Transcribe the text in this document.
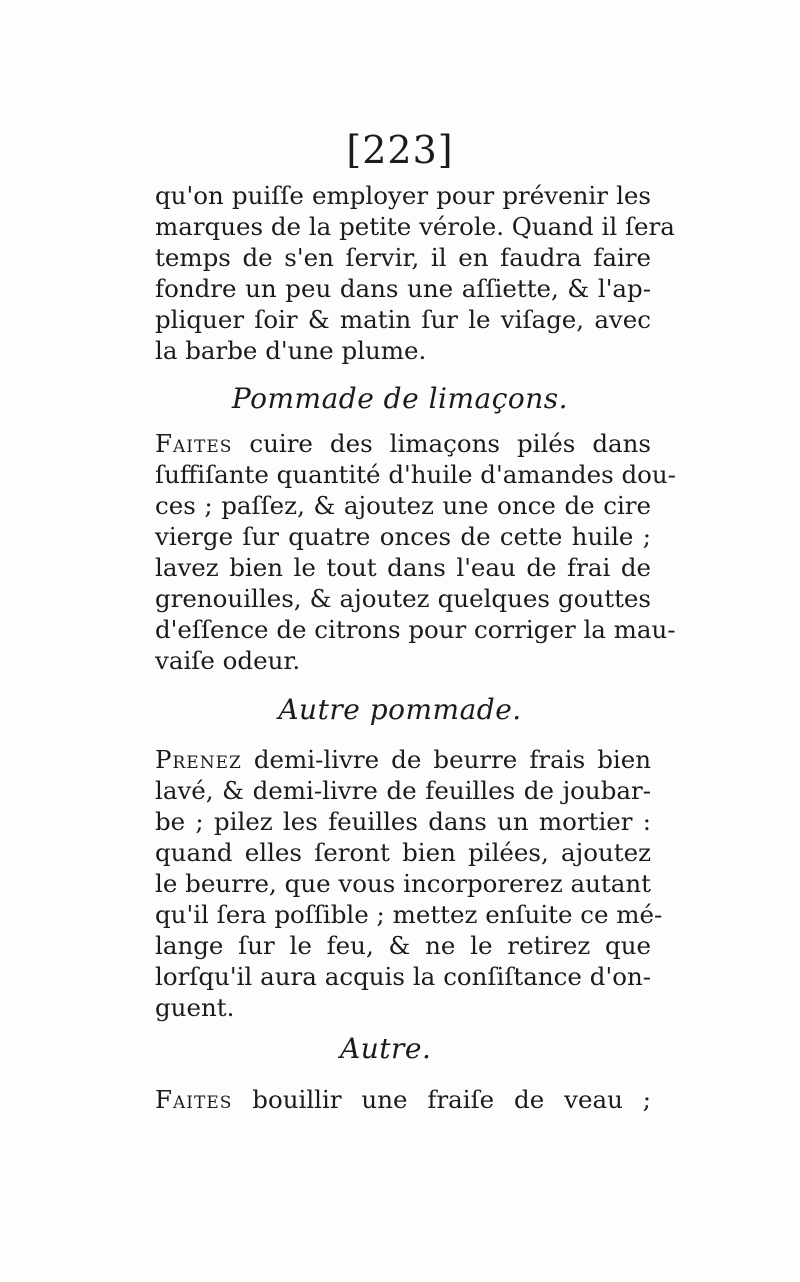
[223]
qu'on puiſſe employer pour prévenir les
marques de la petite vérole. Quand il ſera
temps de s'en ſervir, il en faudra faire
fondre un peu dans une aſſiette, & l'ap-
pliquer ſoir & matin ſur le viſage, avec
la barbe d'une plume.
Pommade de limaçons.
Faites cuire des limaçons pilés dans
ſuffiſante quantité d'huile d'amandes dou-
ces ; paſſez, & ajoutez une once de cire
vierge ſur quatre onces de cette huile ;
lavez bien le tout dans l'eau de frai de
grenouilles, & ajoutez quelques gouttes
d'eſſence de citrons pour corriger la mau-
vaiſe odeur.
Autre pommade.
Prenez demi-livre de beurre frais bien
lavé, & demi-livre de feuilles de joubar-
be ; pilez les feuilles dans un mortier :
quand elles ſeront bien pilées, ajoutez
le beurre, que vous incorporerez autant
qu'il ſera poſſible ; mettez enſuite ce mé-
lange ſur le feu, & ne le retirez que
lorſqu'il aura acquis la conſiſtance d'on-
guent.
Autre.
Faites bouillir une fraiſe de veau ;
